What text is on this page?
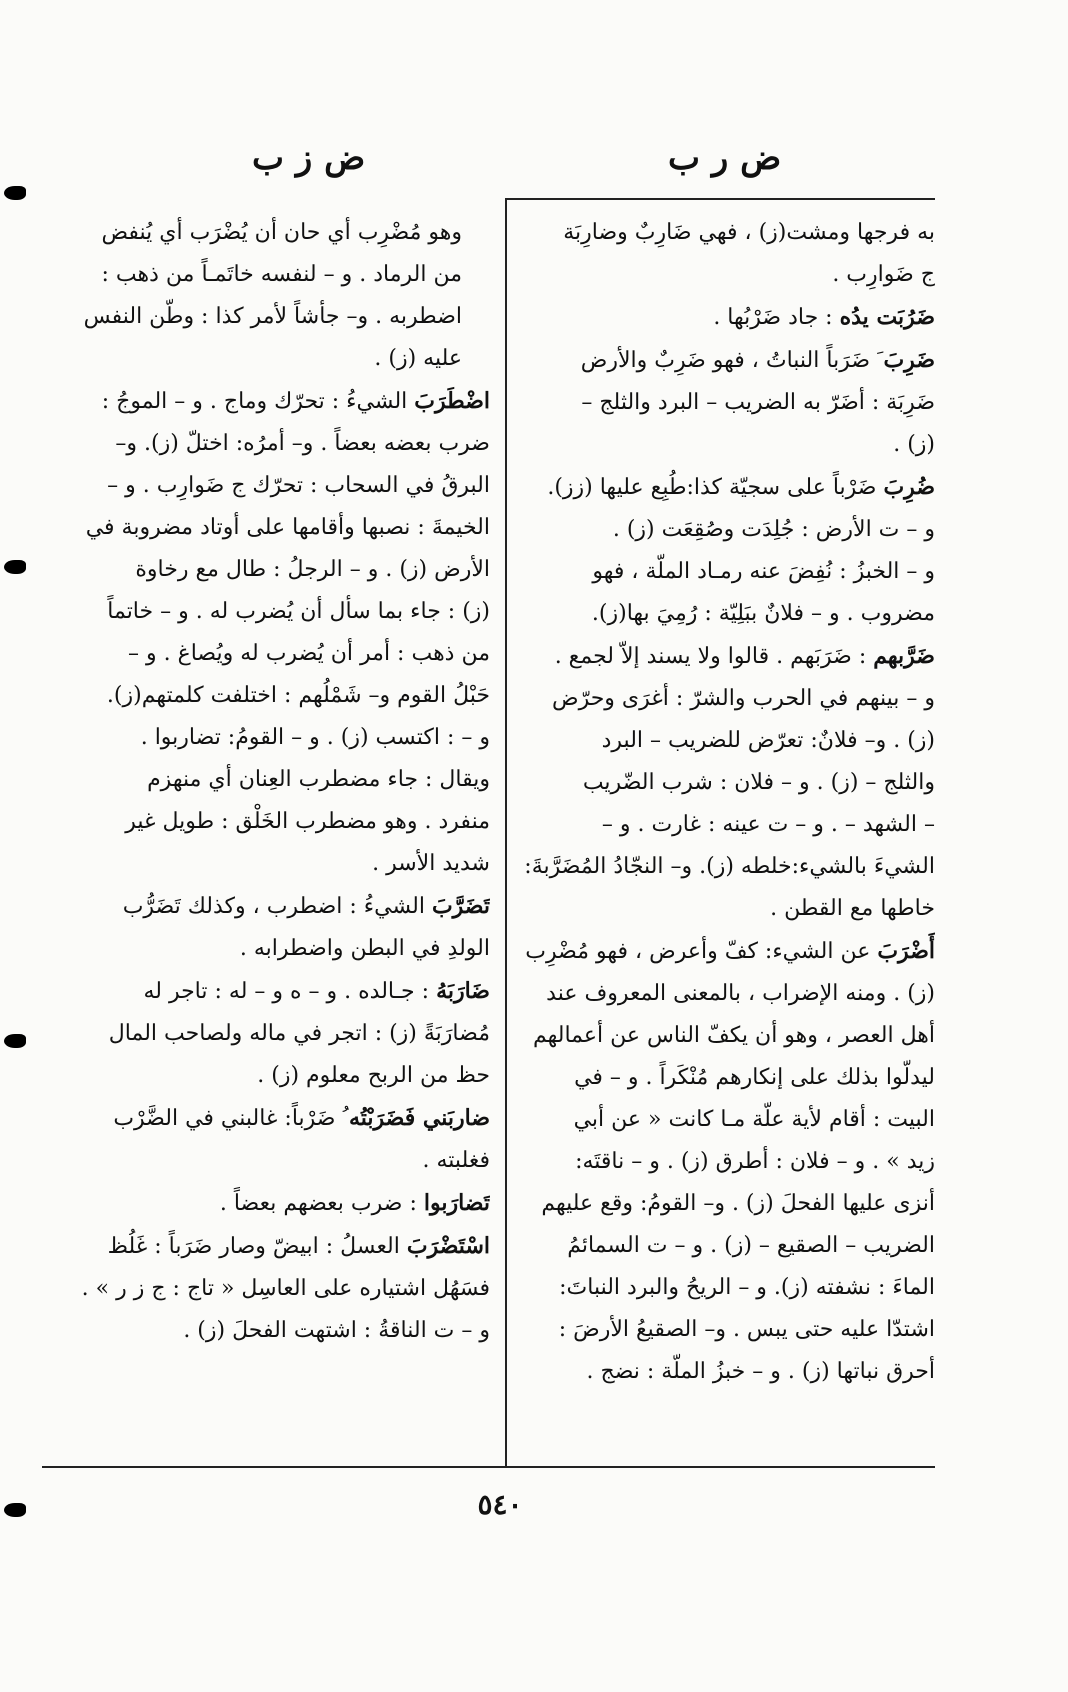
ض ر ب
ض ز ب
به فرجها ومشت(ز) ، فهي ضَارِبٌ وضارِبَة
ج ضَوارِب .
ضَرُبَت يدُه : جاد ضَرْبُها .
ضَرِبَ َ ضَرَباً النباتُ ، فهو ضَرِبٌ والأرض
ضَرِبَة : أضَرّ به الضريب – البرد والثلج –
(ز) .
ضُرِبَ ضَرْباً على سجيّة كذا:طُبِع عليها (زز).
و – ت الأرض : جُلِدَت وصُقِعَت (ز) .
و – الخبزُ : نُفِضَ عنه رمـاد الملّة ، فهو
مضروب . و – فلانٌ ببَلِيّة : رُمِيَ بها(ز).
ضَرَّبهم : ضَرَبَهم . قالوا ولا يسند إلاّ لجمع .
و – بينهم في الحرب والشرّ : أغرَى وحرّض
(ز) . و– فلانٌ: تعرّض للضريب – البرد
والثلج – (ز) . و – فلان : شرب الضّريب
– الشهد – . و – ت عينه : غارت . و –
الشيءَ بالشيء:خلطه (ز). و– النجّادُ المُضَرَّبةَ:
خاطها مع القطن .
أَضْرَبَ عن الشيء: كفّ وأعرض ، فهو مُضْرِب
(ز) . ومنه الإضراب ، بالمعنى المعروف عند
أهل العصر ، وهو أن يكفّ الناس عن أعمالهم
ليدلّوا بذلك على إنكارهم مُنْكَراً . و – في
البيت : أقام لأية علّة مـا كانت « عن أبي
زيد » . و – فلان : أطرق (ز) . و – ناقتَه:
أنزى عليها الفحلَ (ز) . و– القومُ: وقع عليهم
الضريب – الصقيع – (ز) . و – ت السمائمُ
الماءَ : نشفته (ز). و – الريحُ والبرد النباتَ:
اشتدّا عليه حتى يبس . و– الصقيعُ الأرضَ :
أحرق نباتها (ز) . و – خبزُ الملّة : نضج .
وهو مُضْرِب أي حان أن يُضْرَب أي يُنفض
من الرماد . و – لنفسه خاتَمـاً من ذهب :
اضطربه . و– جأشاً لأمر كذا : وطّن النفس
عليه (ز) .
اضْطَرَبَ الشيءُ : تحرّك وماج . و – الموجُ :
ضرب بعضه بعضاً . و– أمرُه: اختلّ (ز). و–
البرقُ في السحاب : تحرّك ج ضَوارِب . و –
الخيمةَ : نصبها وأقامها على أوتاد مضروبة في
الأرض (ز) . و – الرجلُ : طال مع رخاوة
(ز) : جاء بما سأل أن يُضرب له . و – خاتماً
من ذهب : أمر أن يُضرب له ويُصاغ . و –
حَبْلُ القوم و– شَمْلُهم : اختلفت كلمتهم(ز).
و – : اكتسب (ز) . و – القومُ: تضاربوا .
ويقال : جاء مضطرب العِنان أي منهزم
منفرد . وهو مضطرب الخَلْق : طويل غير
شديد الأسر .
تَضَرَّبَ الشيءُ : اضطرب ، وكذلك تَضَرُّب
الولدِ في البطن واضطرابه .
ضَارَبَهُ : جـالده . و – ه و – له : تاجر له
مُضارَبَةً (ز) : اتجر في ماله ولصاحب المال
حظ من الربح معلوم (ز) .
ضاربَني فَضَرَبْتُه ُ ضَرْباً: غالبني في الضَّرْب
فغلبته .
تَضارَبوا : ضرب بعضهم بعضاً .
اسْتَضْرَبَ العسلُ : ابيضّ وصار ضَرَباً : غَلُظ
فسَهُل اشتياره على العاسِل « تاج : ج ز ر » .
و – ت الناقةُ : اشتهت الفحلَ (ز) .
٥٤٠
